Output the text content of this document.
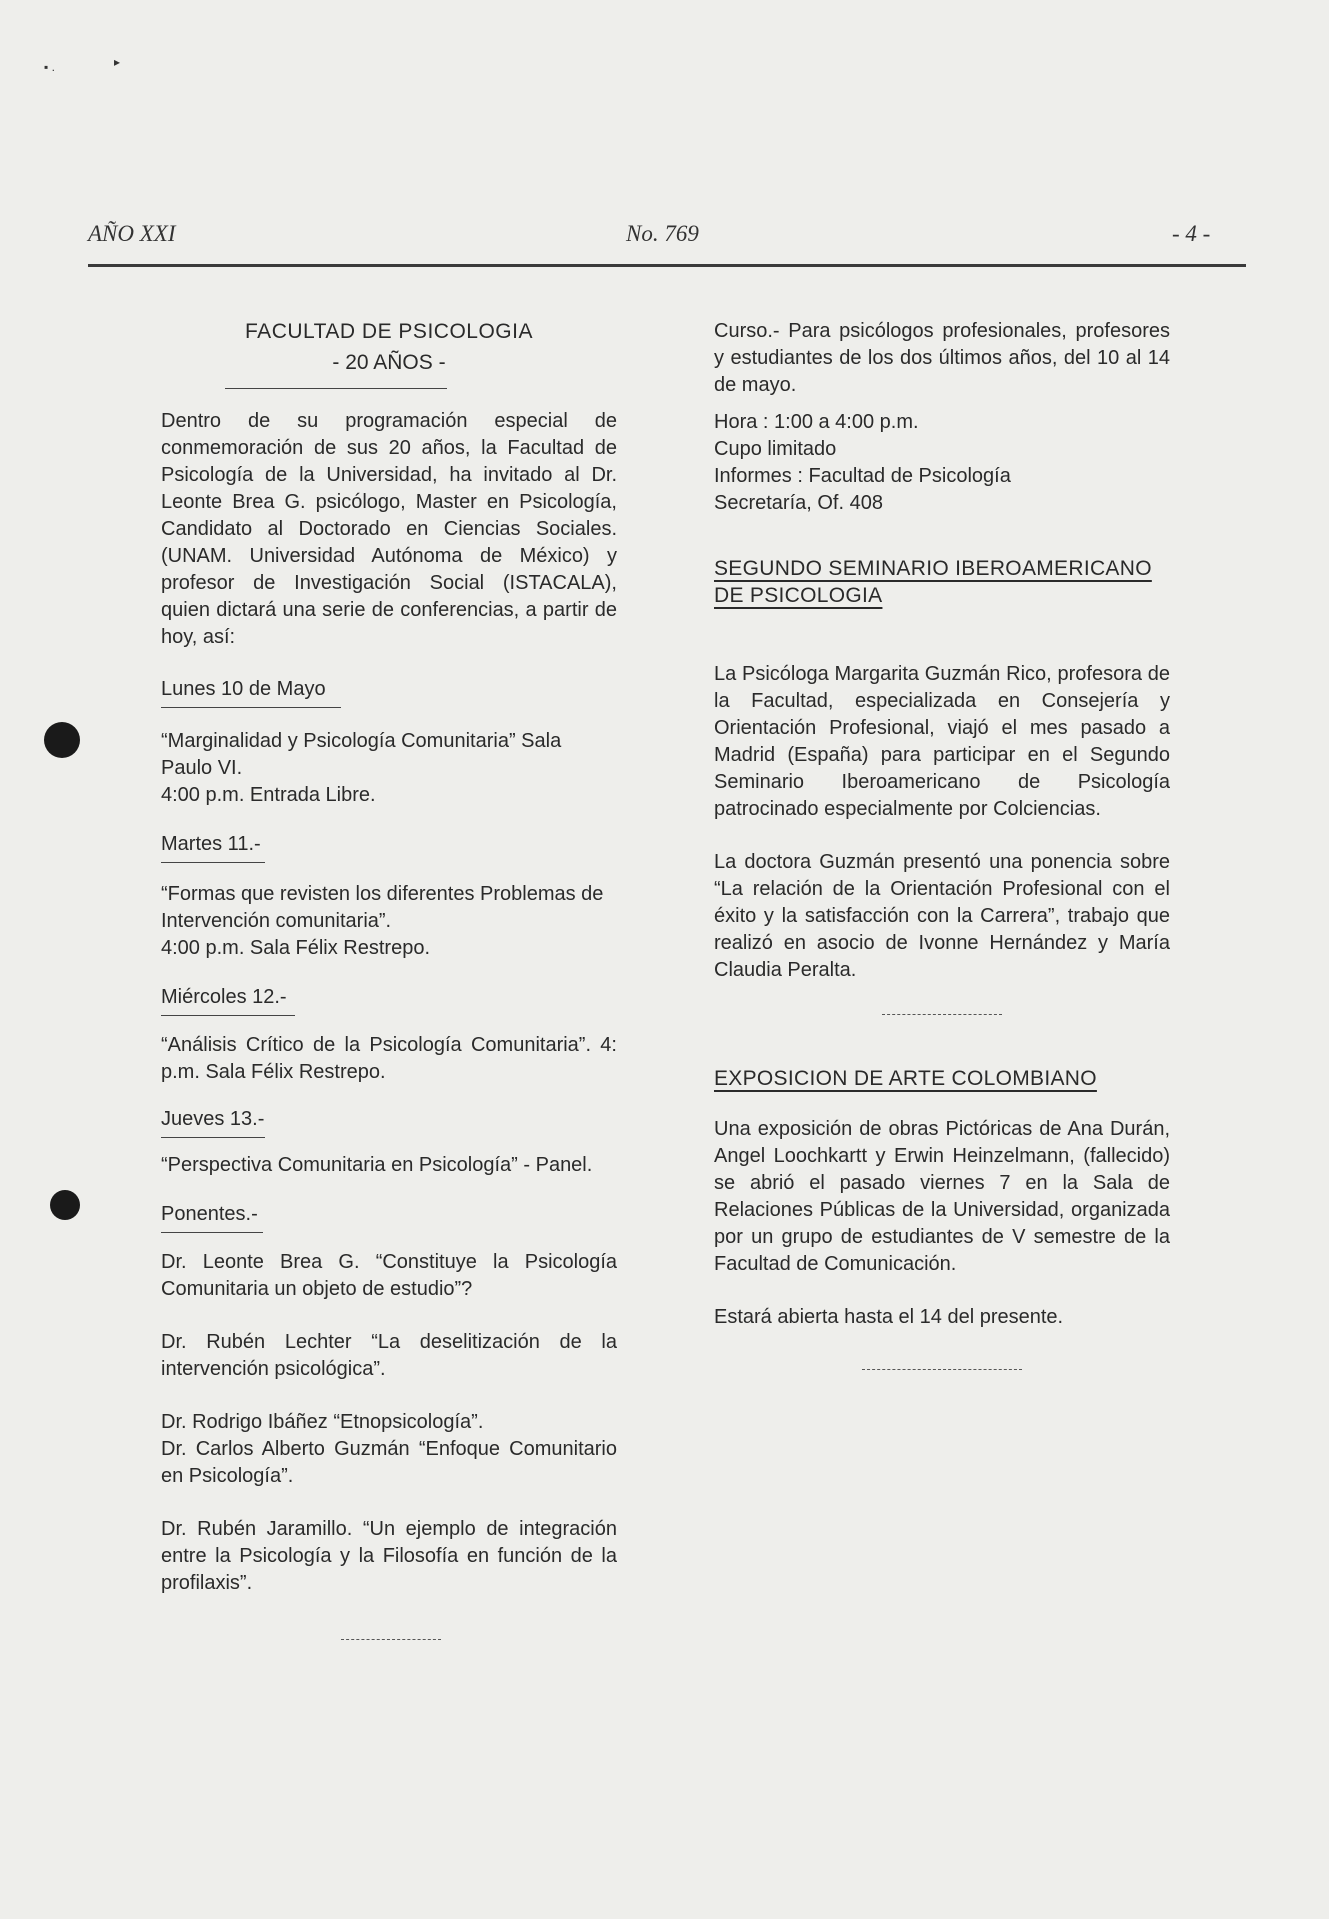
▪ .	▸
AÑO XXI	No. 769	- 4 -

FACULTAD DE PSICOLOGIA

- 20 AÑOS -

Dentro de su programación especial de conmemoración de sus 20 años, la Facultad de Psicología de la Universidad, ha invitado al Dr. Leonte Brea G. psicólogo, Master en Psicología, Candidato al Doctorado en Ciencias Sociales. (UNAM. Universidad Autónoma de México) y profesor de Investigación Social (ISTACALA), quien dictará una serie de conferencias, a partir de hoy, así:

Lunes 10 de Mayo

“Marginalidad y Psicología Comunitaria” Sala Paulo VI.

4:00 p.m. Entrada Libre.

Martes 11.-

“Formas que revisten los diferentes Problemas de Intervención comunitaria”.

4:00 p.m. Sala Félix Restrepo.

Miércoles 12.-

“Análisis Crítico de la Psicología Comunitaria”. 4: p.m. Sala Félix Restrepo.

Jueves 13.-

“Perspectiva Comunitaria en Psicología” - Panel.

Ponentes.-

Dr. Leonte Brea G. “Constituye la Psicología Comunitaria un objeto de estudio”?

Dr. Rubén Lechter “La deselitización de la intervención psicológica”.

Dr. Rodrigo Ibáñez “Etnopsicología”.

Dr. Carlos Alberto Guzmán “Enfoque Comunitario en Psicología”.

Dr. Rubén Jaramillo. “Un ejemplo de integración entre la Psicología y la Filosofía en función de la profilaxis”.

Curso.- Para psicólogos profesionales, profesores y estudiantes de los dos últimos años, del 10 al 14 de mayo.

Hora : 1:00 a 4:00 p.m.

Cupo limitado

Informes : Facultad de Psicología

Secretaría, Of. 408

SEGUNDO SEMINARIO IBEROAMERICANO DE PSICOLOGIA

La Psicóloga Margarita Guzmán Rico, profesora de la Facultad, especializada en Consejería y Orientación Profesional, viajó el mes pasado a Madrid (España) para participar en el Segundo Seminario Iberoamericano de Psicología patrocinado especialmente por Colciencias.

La doctora Guzmán presentó una ponencia sobre “La relación de la Orientación Profesional con el éxito y la satisfacción con la Carrera”, trabajo que realizó en asocio de Ivonne Hernández y María Claudia Peralta.

EXPOSICION DE ARTE COLOMBIANO

Una exposición de obras Pictóricas de Ana Durán, Angel Loochkartt y Erwin Heinzelmann, (fallecido) se abrió el pasado viernes 7 en la Sala de Relaciones Públicas de la Universidad, organizada por un grupo de estudiantes de V semestre de la Facultad de Comunicación.

Estará abierta hasta el 14 del presente.
